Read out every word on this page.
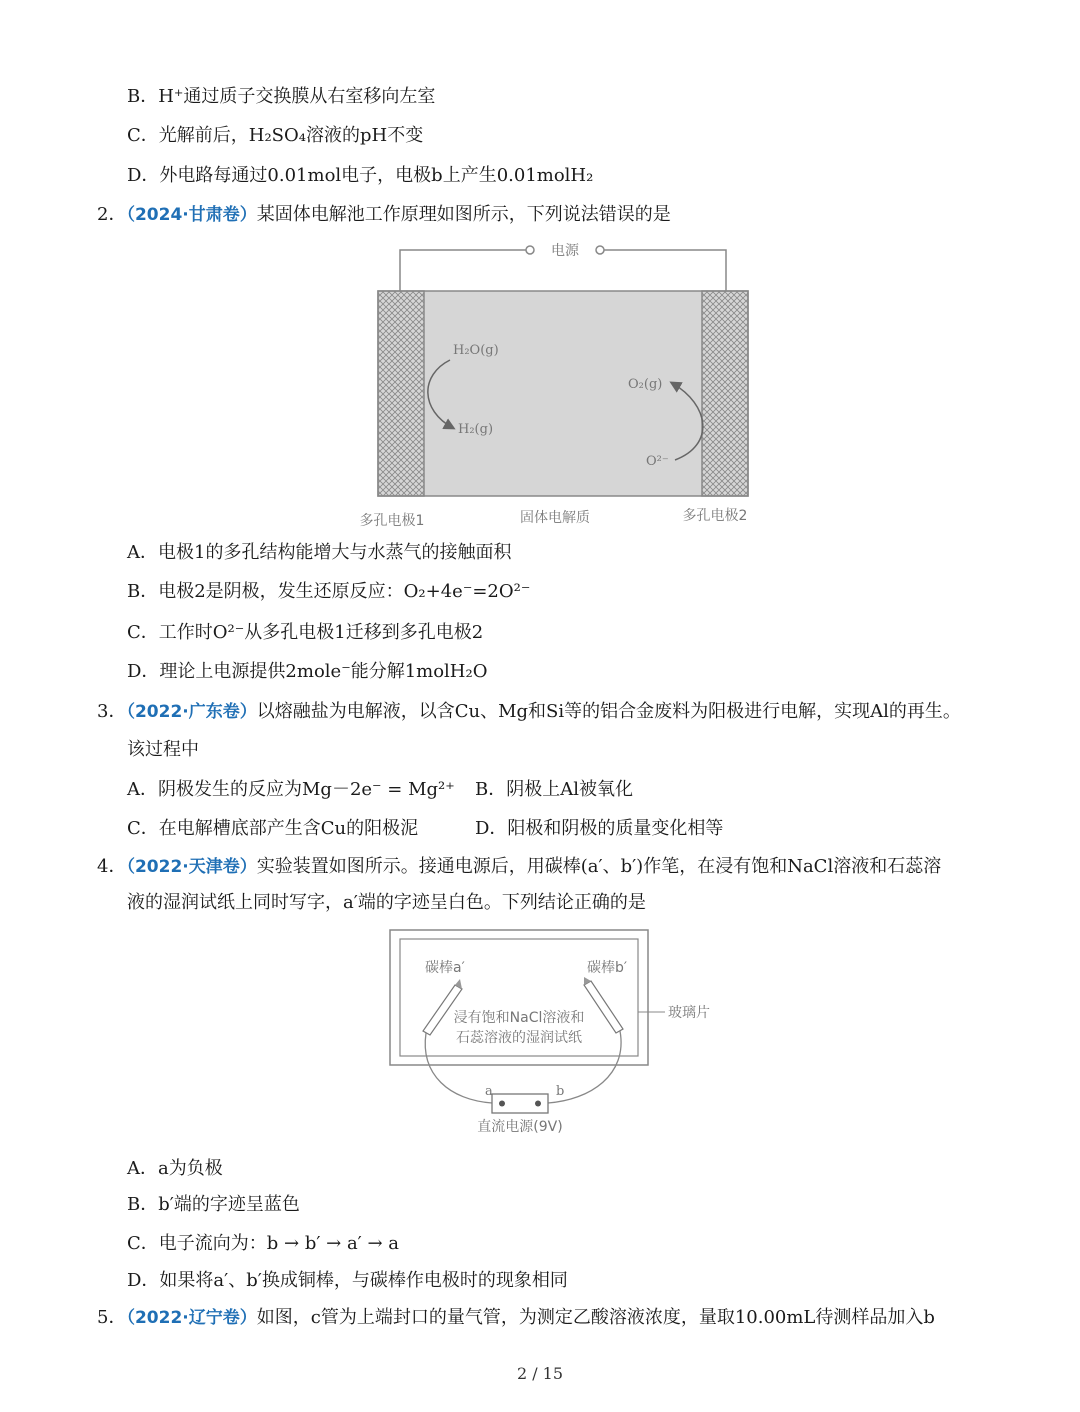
B．H⁺通过质子交换膜从右室移向左室
C．光解前后，H₂SO₄溶液的pH不变
D．外电路每通过0.01mol电子，电极b上产生0.01molH₂
2．（2024·甘肃卷）某固体电解池工作原理如图所示，下列说法错误的是
电源
H₂O(g)
H₂(g)
O₂(g)
O²⁻
多孔电极1	固体电解质	多孔电极2
A．电极1的多孔结构能增大与水蒸气的接触面积
B．电极2是阴极，发生还原反应：O₂+4e⁻=2O²⁻
C．工作时O²⁻从多孔电极1迁移到多孔电极2
D．理论上电源提供2mole⁻能分解1molH₂O
3．（2022·广东卷）以熔融盐为电解液，以含Cu、Mg和Si等的铝合金废料为阳极进行电解，实现Al的再生。
该过程中
A．阴极发生的反应为Mg－2e⁻ = Mg²⁺ B．阴极上Al被氧化
C．在电解槽底部产生含Cu的阳极泥	D．阳极和阴极的质量变化相等
4．（2022·天津卷）实验装置如图所示。接通电源后，用碳棒(a′、b′)作笔，在浸有饱和NaCl溶液和石蕊溶
液的湿润试纸上同时写字，a′端的字迹呈白色。下列结论正确的是
玻璃片
碳棒a′	碳棒b′
浸有饱和NaCl溶液和
石蕊溶液的湿润试纸
a	b
直流电源(9V)
A．a为负极
B．b′端的字迹呈蓝色
C．电子流向为：b → b′ → a′ → a
D．如果将a′、b′换成铜棒，与碳棒作电极时的现象相同
5．（2022·辽宁卷）如图，c管为上端封口的量气管，为测定乙酸溶液浓度，量取10.00mL待测样品加入b
2 / 15
